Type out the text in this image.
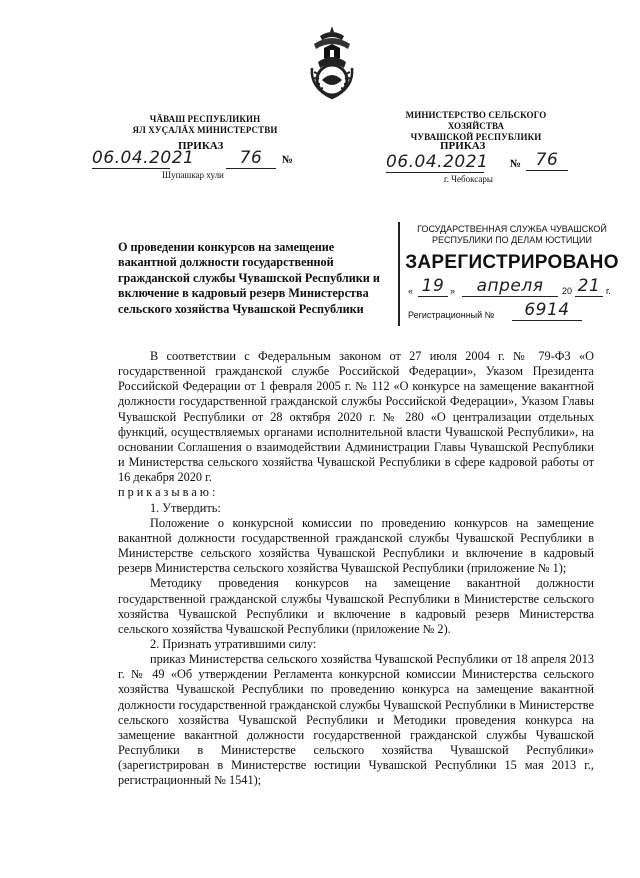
ЧĂВАШ РЕСПУБЛИКИН
ЯЛ ХУÇАЛĂХ МИНИСТЕРСТВИ
МИНИСТЕРСТВО СЕЛЬСКОГО ХОЗЯЙСТВА
ЧУВАШСКОЙ РЕСПУБЛИКИ
ПРИКАЗ
06.04.2021	76	№
Шупашкар хули
ПРИКАЗ
06.04.2021 № 76
г. Чебоксары
О проведении конкурсов на замещение вакантной должности государственной гражданской службы Чувашской Республики и включение в кадровый резерв Министерства сельского хозяйства Чувашской Республики
ГОСУДАРСТВЕННАЯ СЛУЖБА ЧУВАШСКОЙ
РЕСПУБЛИКИ ПО ДЕЛАМ ЮСТИЦИИ
ЗАРЕГИСТРИРОВАНО
« 19 »	апреля	20 21 г.
Регистрационный №	6914

В соответствии с Федеральным законом от 27 июля 2004 г. № 79-ФЗ «О государственной гражданской службе Российской Федерации», Указом Президента Российской Федерации от 1 февраля 2005 г. № 112 «О конкурсе на замещение вакантной должности государственной гражданской службы Российской Федерации», Указом Главы Чувашской Республики от 28 октября 2020 г. № 280 «О централизации отдельных функций, осуществляемых органами исполнительной власти Чувашской Республики», на основании Соглашения о взаимодействии Администрации Главы Чувашской Республики и Министерства сельского хозяйства Чувашской Республики в сфере кадровой работы от 16 декабря 2020 г.

приказываю:

1. Утвердить:

Положение о конкурсной комиссии по проведению конкурсов на замещение вакантной должности государственной гражданской службы Чувашской Республики в Министерстве сельского хозяйства Чувашской Республики и включение в кадровый резерв Министерства сельского хозяйства Чувашской Республики (приложение № 1);

Методику проведения конкурсов на замещение вакантной должности государственной гражданской службы Чувашской Республики в Министерстве сельского хозяйства Чувашской Республики и включение в кадровый резерв Министерства сельского хозяйства Чувашской Республики (приложение № 2).

2. Признать утратившими силу:

приказ Министерства сельского хозяйства Чувашской Республики от 18 апреля 2013 г. № 49 «Об утверждении Регламента конкурсной комиссии Министерства сельского хозяйства Чувашской Республики по проведению конкурса на замещение вакантной должности государственной гражданской службы Чувашской Республики в Министерстве сельского хозяйства Чувашской Республики и Методики проведения конкурса на замещение вакантной должности государственной гражданской службы Чувашской Республики в Министерстве сельского хозяйства Чувашской Республики» (зарегистрирован в Министерстве юстиции Чувашской Республики 15 мая 2013 г., регистрационный № 1541);
